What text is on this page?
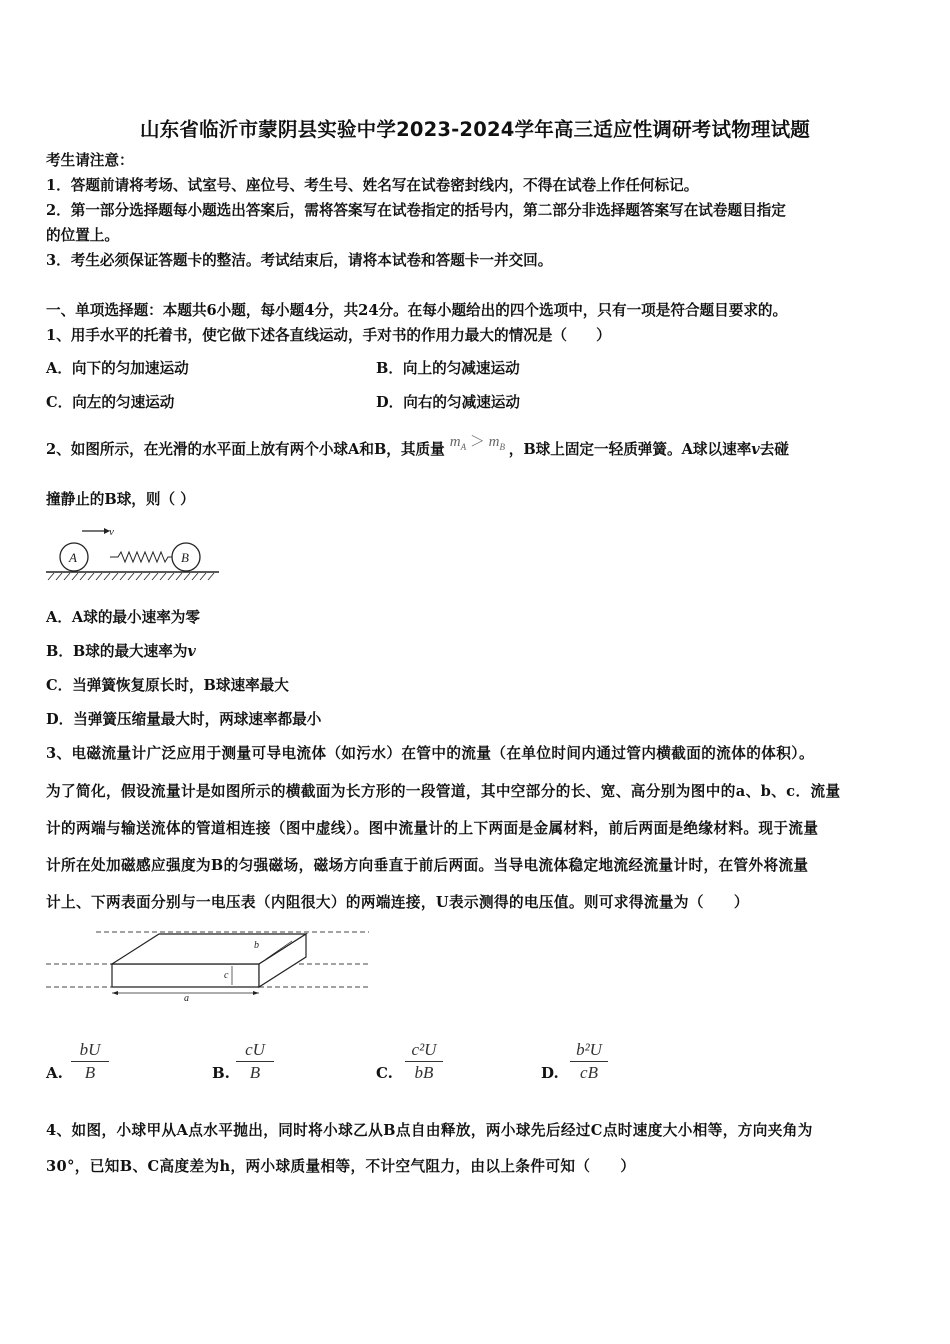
山东省临沂市蒙阴县实验中学2023-2024学年高三适应性调研考试物理试题
考生请注意：
1．答题前请将考场、试室号、座位号、考生号、姓名写在试卷密封线内，不得在试卷上作任何标记。
2．第一部分选择题每小题选出答案后，需将答案写在试卷指定的括号内，第二部分非选择题答案写在试卷题目指定
的位置上。
3．考生必须保证答题卡的整洁。考试结束后，请将本试卷和答题卡一并交回。
一、单项选择题：本题共6小题，每小题4分，共24分。在每小题给出的四个选项中，只有一项是符合题目要求的。
1、用手水平的托着书，使它做下述各直线运动，手对书的作用力最大的情况是（　　）
A．向下的匀加速运动	B．向上的匀减速运动
C．向左的匀速运动	D．向右的匀减速运动
2、如图所示，在光滑的水平面上放有两个小球A和B，其质量 $m_A > m_B$ ，B球上固定一轻质弹簧。A球以速率v去碰
撞静止的B球，则（ ）
v
A	B
A．A球的最小速率为零
B．B球的最大速率为v
C．当弹簧恢复原长时，B球速率最大
D．当弹簧压缩量最大时，两球速率都最小
3、电磁流量计广泛应用于测量可导电流体（如污水）在管中的流量（在单位时间内通过管内横截面的流体的体积）。
为了简化，假设流量计是如图所示的横截面为长方形的一段管道，其中空部分的长、宽、高分别为图中的a、b、c．流量
计的两端与输送流体的管道相连接（图中虚线）。图中流量计的上下两面是金属材料，前后两面是绝缘材料。现于流量
计所在处加磁感应强度为B的匀强磁场，磁场方向垂直于前后两面。当导电流体稳定地流经流量计时，在管外将流量
计上、下两表面分别与一电压表（内阻很大）的两端连接，U表示测得的电压值。则可求得流量为（　　）
b
c
a
A.
bU
B	B.
cU
B	C.
c²U
bB	D.
b²U
cB
4、如图，小球甲从A点水平抛出，同时将小球乙从B点自由释放，两小球先后经过C点时速度大小相等，方向夹角为
30°，已知B、C高度差为h，两小球质量相等，不计空气阻力，由以上条件可知（　　）
